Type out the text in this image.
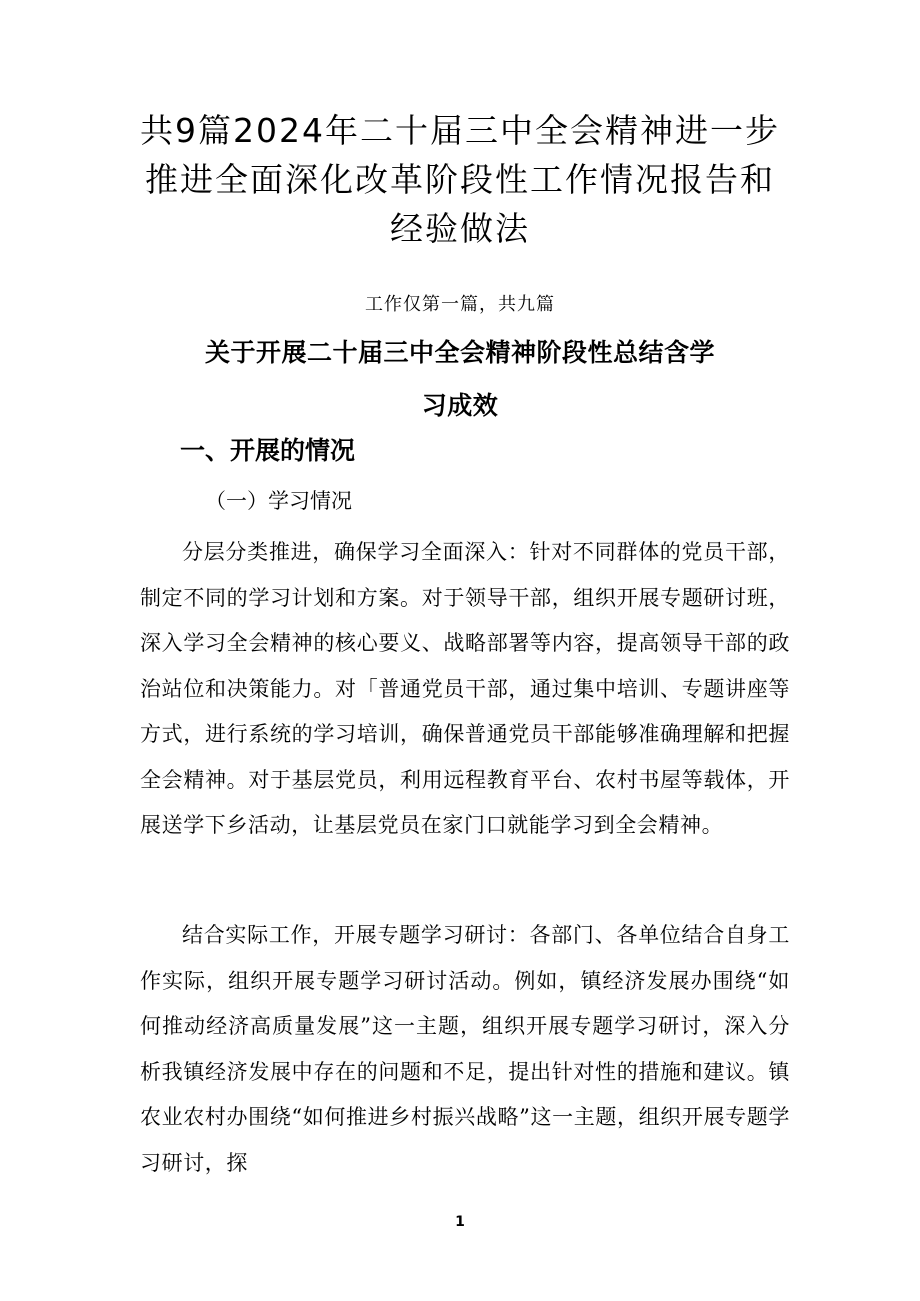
共9篇2024年二十届三中全会精神进一步
推进全面深化改革阶段性工作情况报告和
经验做法
工作仅第一篇，共九篇
关于开展二十届三中全会精神阶段性总结含学
习成效
一、开展的情况
（一）学习情况

分层分类推进，确保学习全面深入：针对不同群体的党员干部，制定不同的学习计划和方案。对于领导干部，组织开展专题研讨班，深入学习全会精神的核心要义、战略部署等内容，提高领导干部的政治站位和决策能力。对「普通党员干部，通过集中培训、专题讲座等方式，进行系统的学习培训，确保普通党员干部能够准确理解和把握全会精神。对于基层党员，利用远程教育平台、农村书屋等载体，开展送学下乡活动，让基层党员在家门口就能学习到全会精神。

结合实际工作，开展专题学习研讨：各部门、各单位结合自身工作实际，组织开展专题学习研讨活动。例如，镇经济发展办围绕“如何推动经济高质量发展”这一主题，组织开展专题学习研讨，深入分析我镇经济发展中存在的问题和不足，提出针对性的措施和建议。镇农业农村办围绕“如何推进乡村振兴战略”这一主题，组织开展专题学习研讨，探

1
